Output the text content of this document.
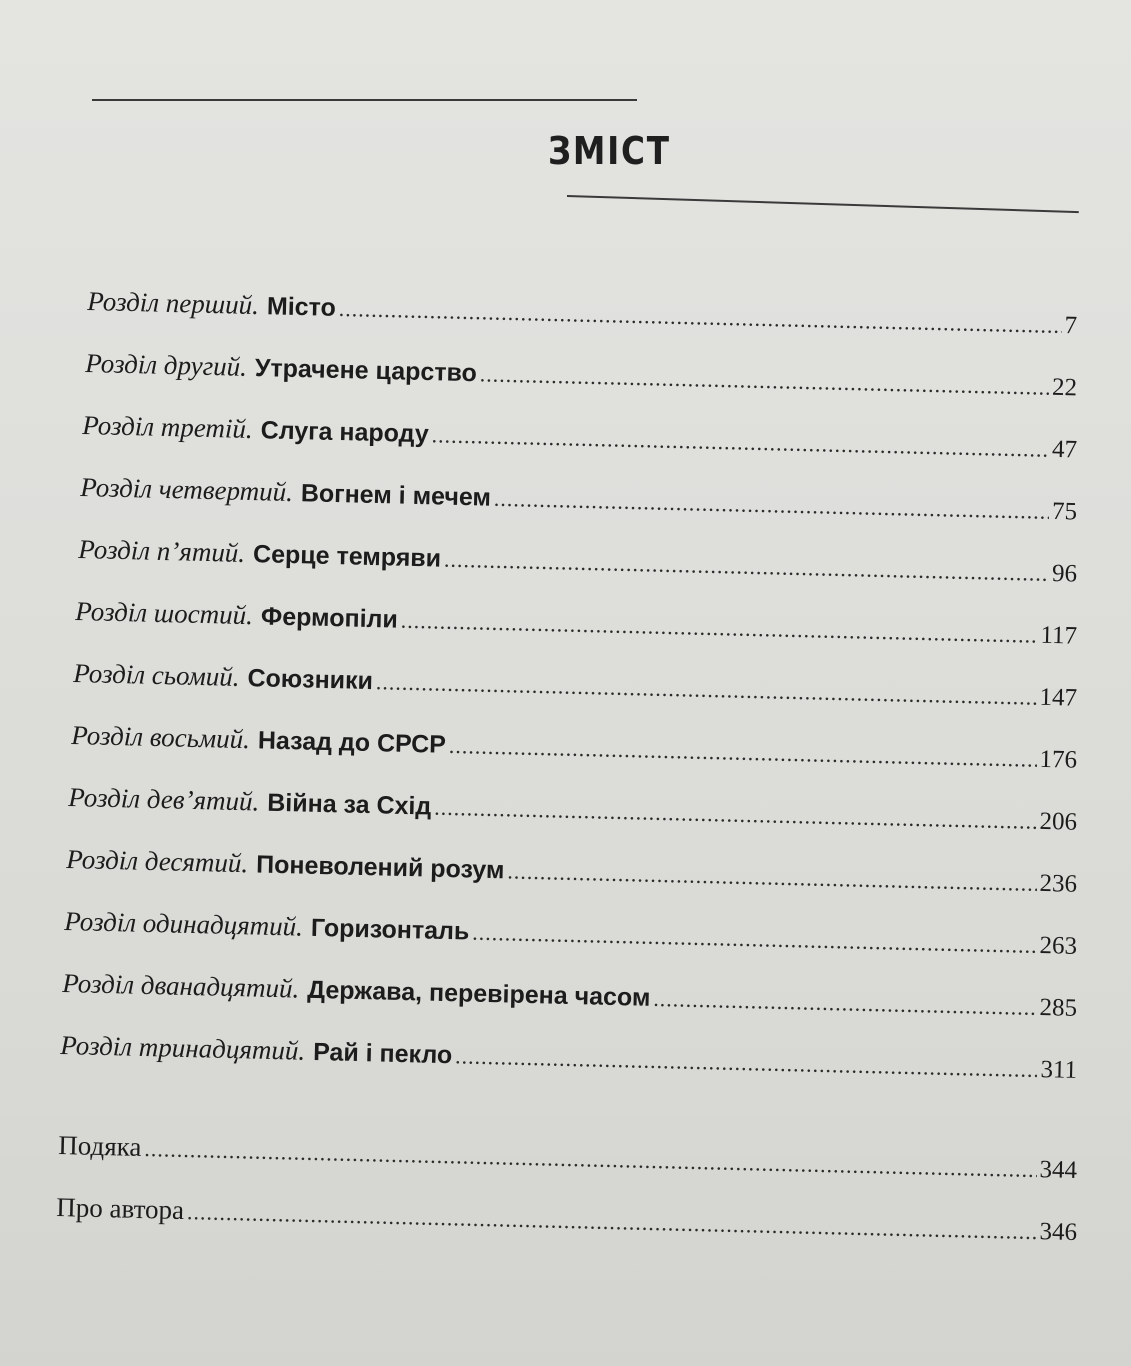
ЗМІСТ
Розділ перший. Місто
.....
7
Розділ другий. Утрачене царство
.....
22
Розділ третій. Слуга народу
.....
47
Розділ четвертий. Вогнем і мечем
.....
75
Розділ п’ятий. Серце темряви
.....
96
Розділ шостий. Фермопіли
.....
117
Розділ сьомий. Союзники
.....
147
Розділ восьмий. Назад до СРСР
.....
176
Розділ дев’ятий. Війна за Схід
.....
206
Розділ десятий. Поневолений розум .....	236
Розділ одинадцятий. Горизонталь
.....
263
Розділ дванадцятий. Держава, перевірена часом .....	285
Розділ тринадцятий. Рай і пекло
.....
311
Подяка
.....
344
Про автора
.....
346
